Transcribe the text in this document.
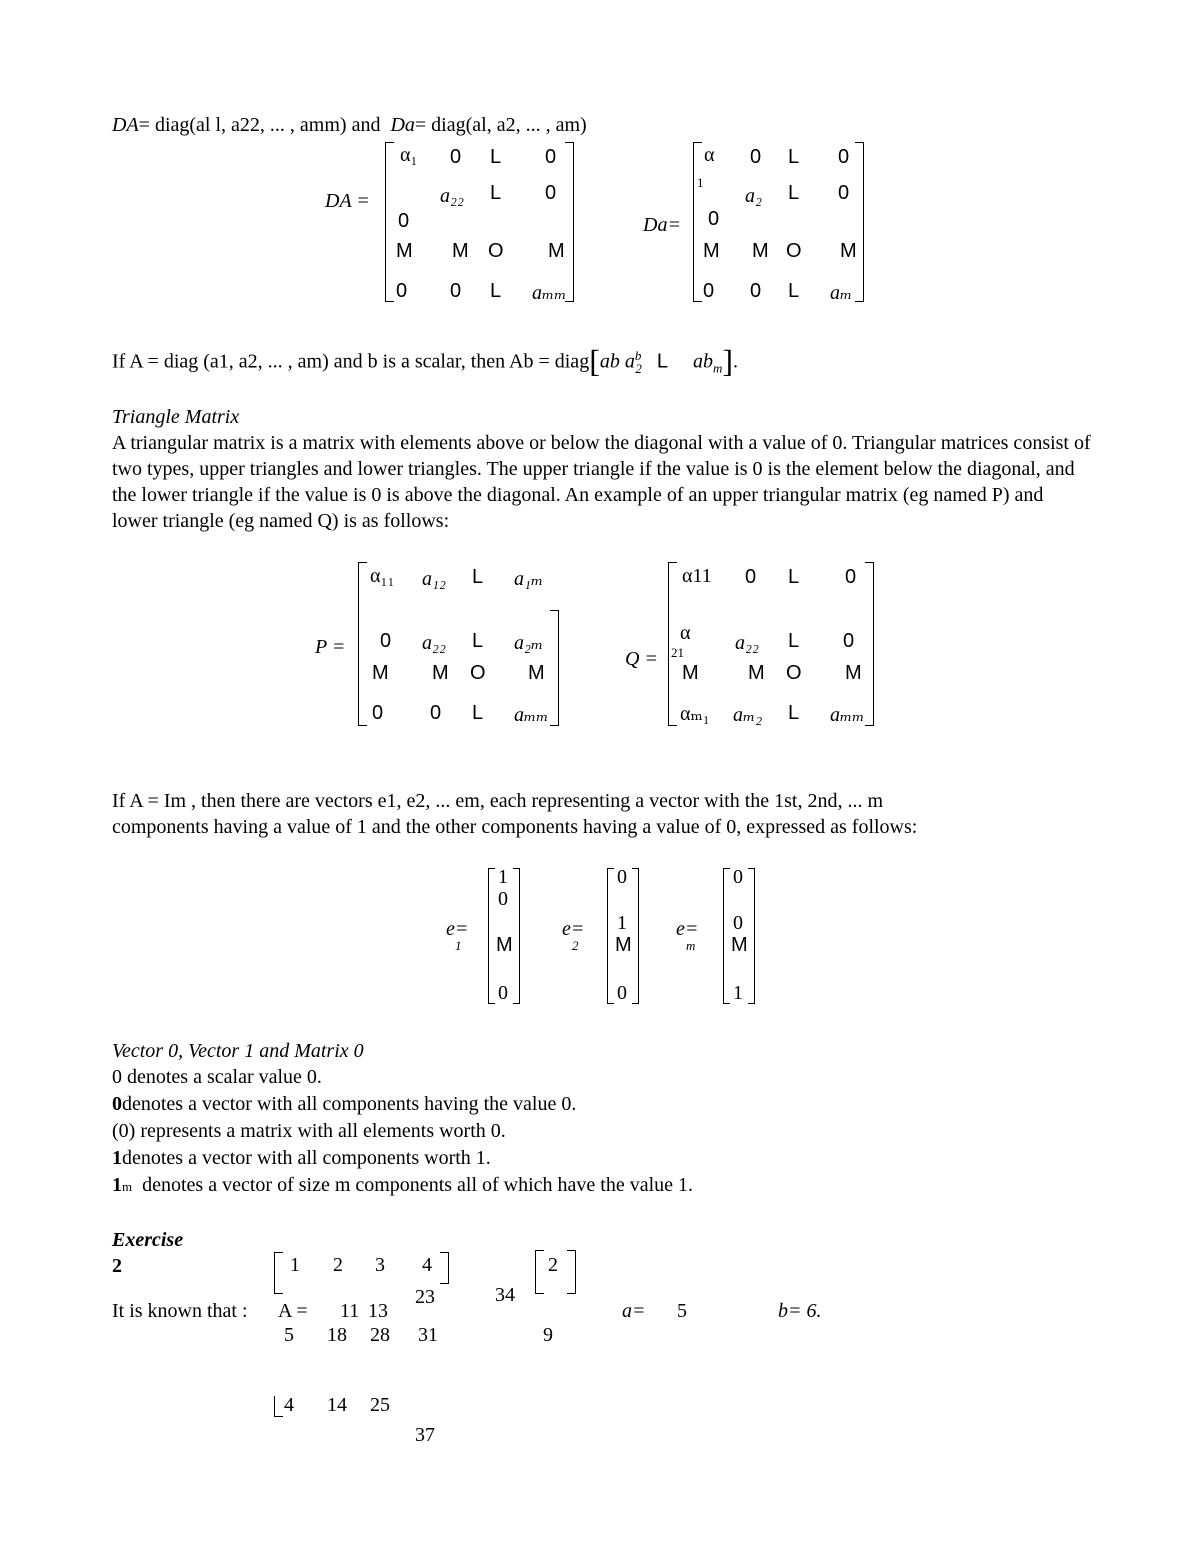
DA= diag(al l, a22, ... , amm) and Da= diag(al, a2, ... , am)
DA =
α₁ 0 L 0
a₂₂ L 0
0
M M O M
0 0 L aₘₘ
Da=
α
1
0 L 0
a₂ L 0
0
M M O M
0 0 L aₘ
If A = diag (a1, a2, ... , am) and b is a scalar, then Ab = diag[ab $a^b_2$ L $ab_m$].
Triangle Matrix
A triangular matrix is a matrix with elements above or below the diagonal with a value of 0. Triangular matrices consist of two types, upper triangles and lower triangles. The upper triangle if the value is 0 is the element below the diagonal, and the lower triangle if the value is 0 is above the diagonal. An example of an upper triangular matrix (eg named P) and lower triangle (eg named Q) is as follows:
P =
α₁₁ a₁₂ L a₁ₘ
0 a₂₂ L a₂ₘ
M M O M
0 0 L aₘₘ
Q =
α11 0 L 0
α
21	a₂₂ L 0
M M O M
αₘ₁ aₘ₂ L aₘₘ
If A = Im , then there are vectors e1, e2, ... em, each representing a vector with the 1st, 2nd, ... m
components having a value of 1 and the other components having a value of 0, expressed as follows:
e=
1
1
0
M
0
e=
2
0
1
M
0
e=
m
0
0
M
1
Vector 0, Vector 1 and Matrix 0
0 denotes a scalar value 0.
0denotes a vector with all components having the value 0.
(0) represents a matrix with all elements worth 0.
1denotes a vector with all components worth 1.
1m denotes a vector of size m components all of which have the value 1.
Exercise
2
It is known that : A =
1 2 3 4
11 13
23
5 18 28 31
4 14 25
37
2
34
a= 5
9
b= 6.
